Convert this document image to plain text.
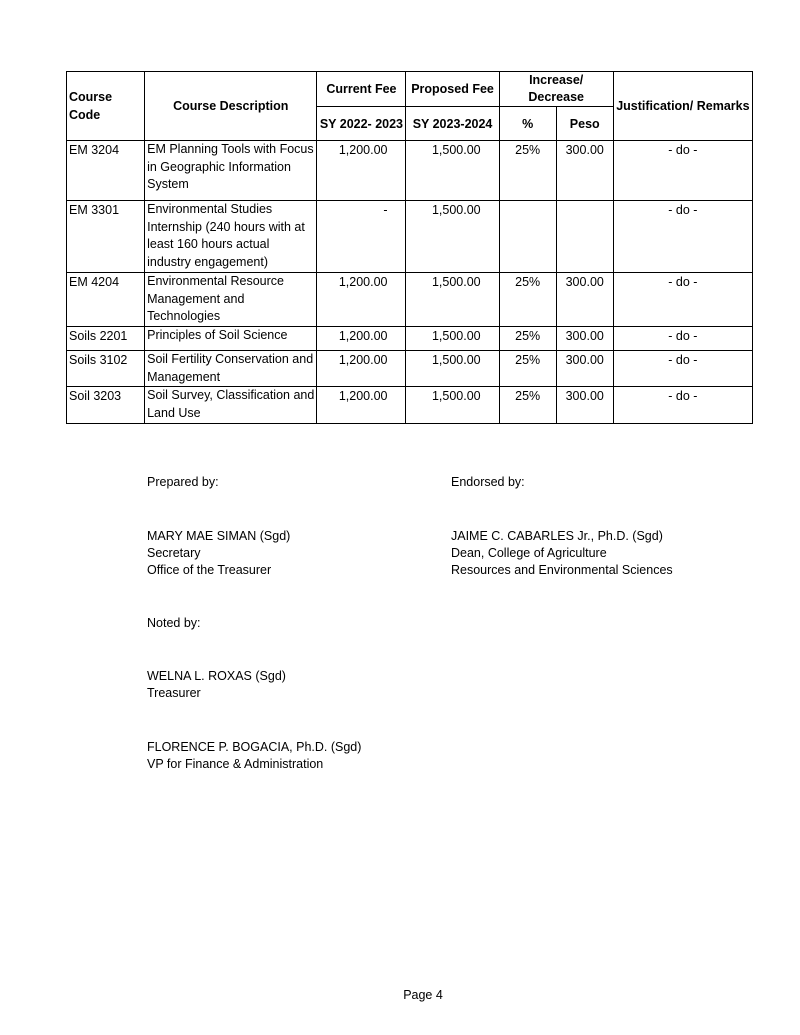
Course Code	Course Description	Current Fee	Proposed Fee	Increase/ Decrease		Justification/ Remarks
		SY 2022- 2023	SY 2023-2024	%	Peso	
EM 3204	EM Planning Tools with Focus in Geographic Information System	1,200.00	1,500.00	25%	300.00	- do -
EM 3301	Environmental Studies Internship (240 hours with at least 160 hours actual industry engagement)	-	1,500.00			- do -
EM 4204	Environmental Resource Management and Technologies	1,200.00	1,500.00	25%	300.00	- do -
Soils 2201	Principles of Soil Science	1,200.00	1,500.00	25%	300.00	- do -
Soils 3102	Soil Fertility Conservation and Management	1,200.00	1,500.00	25%	300.00	- do -
Soil 3203	Soil Survey, Classification and Land Use	1,200.00	1,500.00	25%	300.00	- do -
Prepared by:
MARY MAE SIMAN (Sgd)
Secretary
Office of the Treasurer
Endorsed by:
JAIME C. CABARLES Jr., Ph.D. (Sgd)
Dean, College of Agriculture
Resources and Environmental Sciences
Noted by:
WELNA L. ROXAS (Sgd)
Treasurer
FLORENCE P. BOGACIA, Ph.D. (Sgd)
VP for Finance & Administration
Page 4
